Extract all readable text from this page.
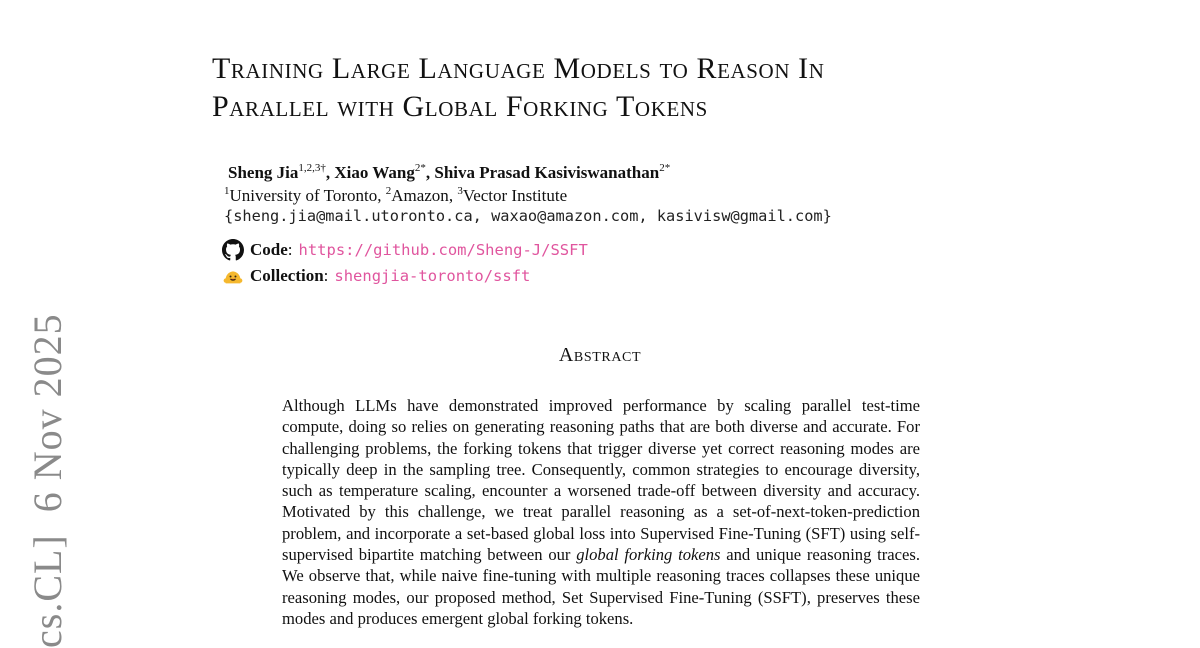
Training Large Language Models to Reason In
Parallel with Global Forking Tokens
Sheng Jia$^{1,2,3\dagger}$, Xiao Wang$^{2*}$, Shiva Prasad Kasiviswanathan$^{2*}$
$^1$University of Toronto, $^2$Amazon, $^3$Vector Institute
{sheng.jia@mail.utoronto.ca, waxao@amazon.com, kasivisw@gmail.com}
Code : https://github.com/Sheng-J/SSFT
Collection : shengjia-toronto/ssft
Abstract
Although LLMs have demonstrated improved performance by scaling parallel test-time compute, doing so relies on generating reasoning paths that are both diverse and accurate. For challenging problems, the forking tokens that trigger diverse yet correct reasoning modes are typically deep in the sampling tree. Consequently, common strategies to encourage diversity, such as temperature scaling, encounter a worsened trade-off between diversity and accuracy. Motivated by this challenge, we treat parallel reasoning as a set-of-next-token-prediction problem, and incorporate a set-based global loss into Supervised Fine-Tuning (SFT) using self-supervised bipartite matching between our global forking tokens and unique reasoning traces. We observe that, while naive fine-tuning with multiple reasoning traces collapses these unique reasoning modes, our proposed method, Set Supervised Fine-Tuning (SSFT), preserves these modes and produces emergent global forking tokens.
cs.CL]  6 Nov 2025
